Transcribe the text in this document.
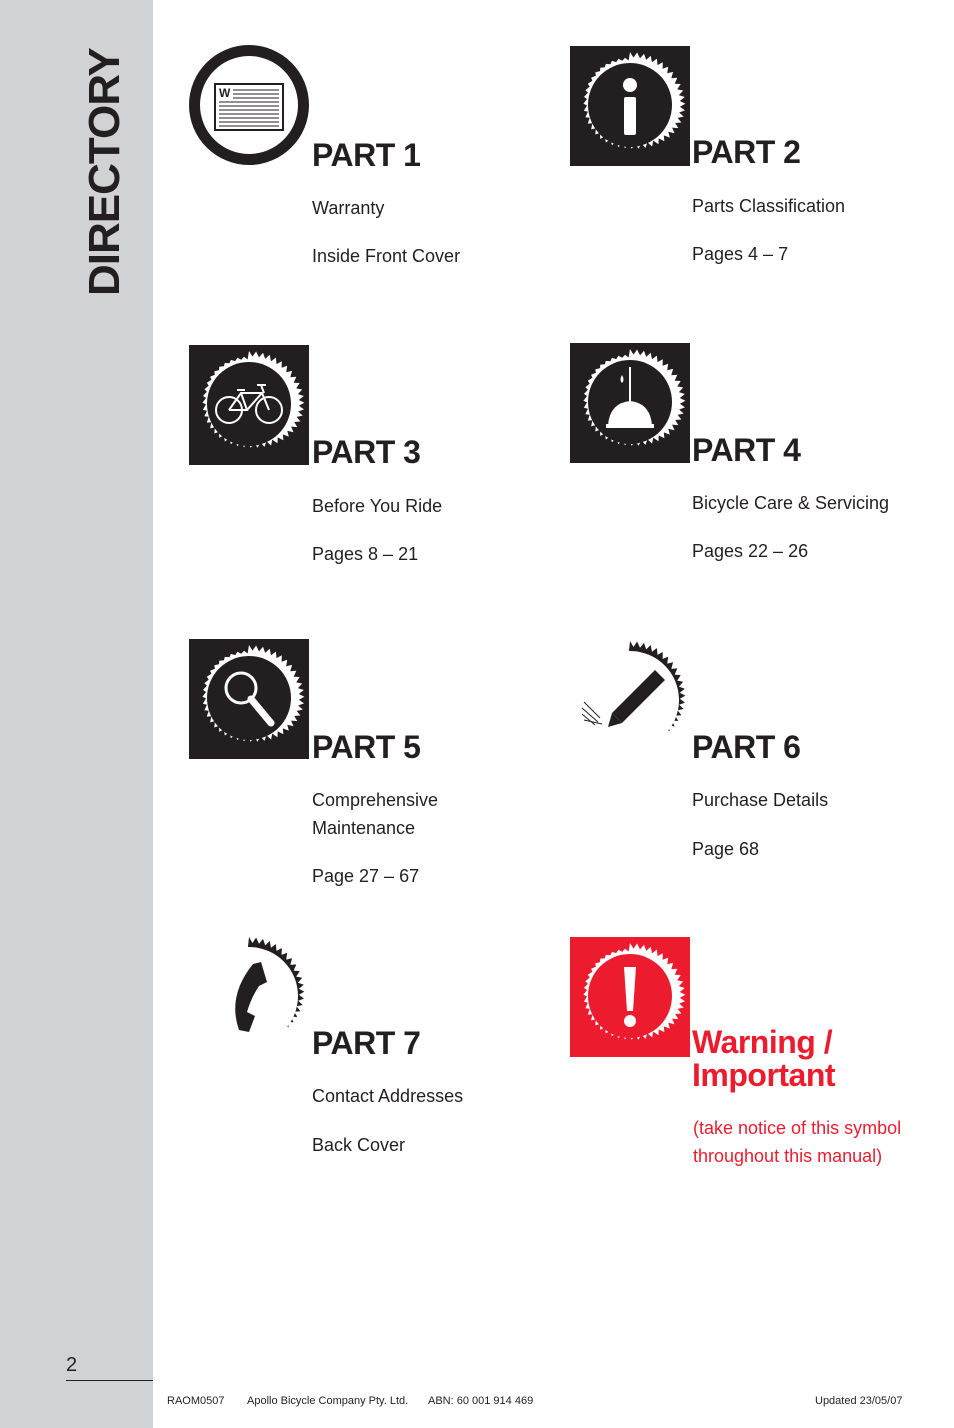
DIRECTORY
2
W
PART 1
Warranty
Inside Front Cover
PART 2
Parts Classification
Pages 4 – 7
PART 3
Before You Ride
Pages 8 – 21
PART 4
Bicycle Care & Servicing
Pages 22 – 26
PART 5
Comprehensive Maintenance
Page 27 – 67
PART 6
Purchase Details
Page 68
PART 7
Contact Addresses
Back Cover
Warning / Important
(take notice of this symbol throughout this manual)
RAOM0507 Apollo Bicycle Company Pty. Ltd. ABN: 60 001 914 469	Updated 23/05/07
